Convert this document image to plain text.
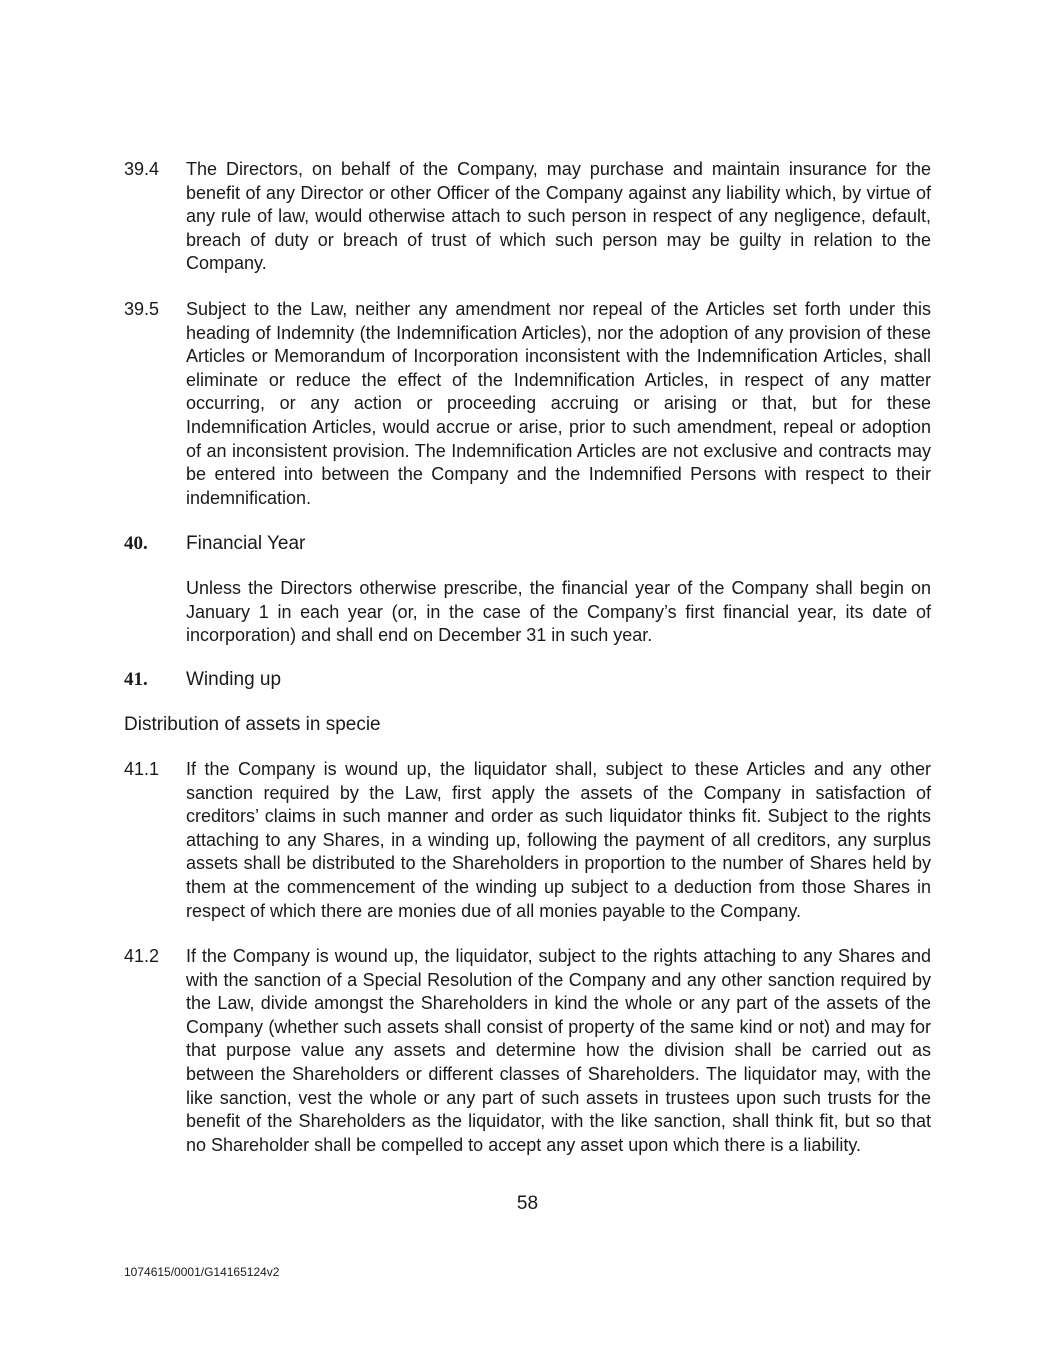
39.4 The Directors, on behalf of the Company, may purchase and maintain insurance for the benefit of any Director or other Officer of the Company against any liability which, by virtue of any rule of law, would otherwise attach to such person in respect of any negligence, default, breach of duty or breach of trust of which such person may be guilty in relation to the Company.
39.5 Subject to the Law, neither any amendment nor repeal of the Articles set forth under this heading of Indemnity (the Indemnification Articles), nor the adoption of any provision of these Articles or Memorandum of Incorporation inconsistent with the Indemnification Articles, shall eliminate or reduce the effect of the Indemnification Articles, in respect of any matter occurring, or any action or proceeding accruing or arising or that, but for these Indemnification Articles, would accrue or arise, prior to such amendment, repeal or adoption of an inconsistent provision. The Indemnification Articles are not exclusive and contracts may be entered into between the Company and the Indemnified Persons with respect to their indemnification.
40. Financial Year
Unless the Directors otherwise prescribe, the financial year of the Company shall begin on January 1 in each year (or, in the case of the Company’s first financial year, its date of incorporation) and shall end on December 31 in such year.
41. Winding up
Distribution of assets in specie
41.1 If the Company is wound up, the liquidator shall, subject to these Articles and any other sanction required by the Law, first apply the assets of the Company in satisfaction of creditors’ claims in such manner and order as such liquidator thinks fit. Subject to the rights attaching to any Shares, in a winding up, following the payment of all creditors, any surplus assets shall be distributed to the Shareholders in proportion to the number of Shares held by them at the commencement of the winding up subject to a deduction from those Shares in respect of which there are monies due of all monies payable to the Company.
41.2 If the Company is wound up, the liquidator, subject to the rights attaching to any Shares and with the sanction of a Special Resolution of the Company and any other sanction required by the Law, divide amongst the Shareholders in kind the whole or any part of the assets of the Company (whether such assets shall consist of property of the same kind or not) and may for that purpose value any assets and determine how the division shall be carried out as between the Shareholders or different classes of Shareholders. The liquidator may, with the like sanction, vest the whole or any part of such assets in trustees upon such trusts for the benefit of the Shareholders as the liquidator, with the like sanction, shall think fit, but so that no Shareholder shall be compelled to accept any asset upon which there is a liability.
58
1074615/0001/G14165124v2
